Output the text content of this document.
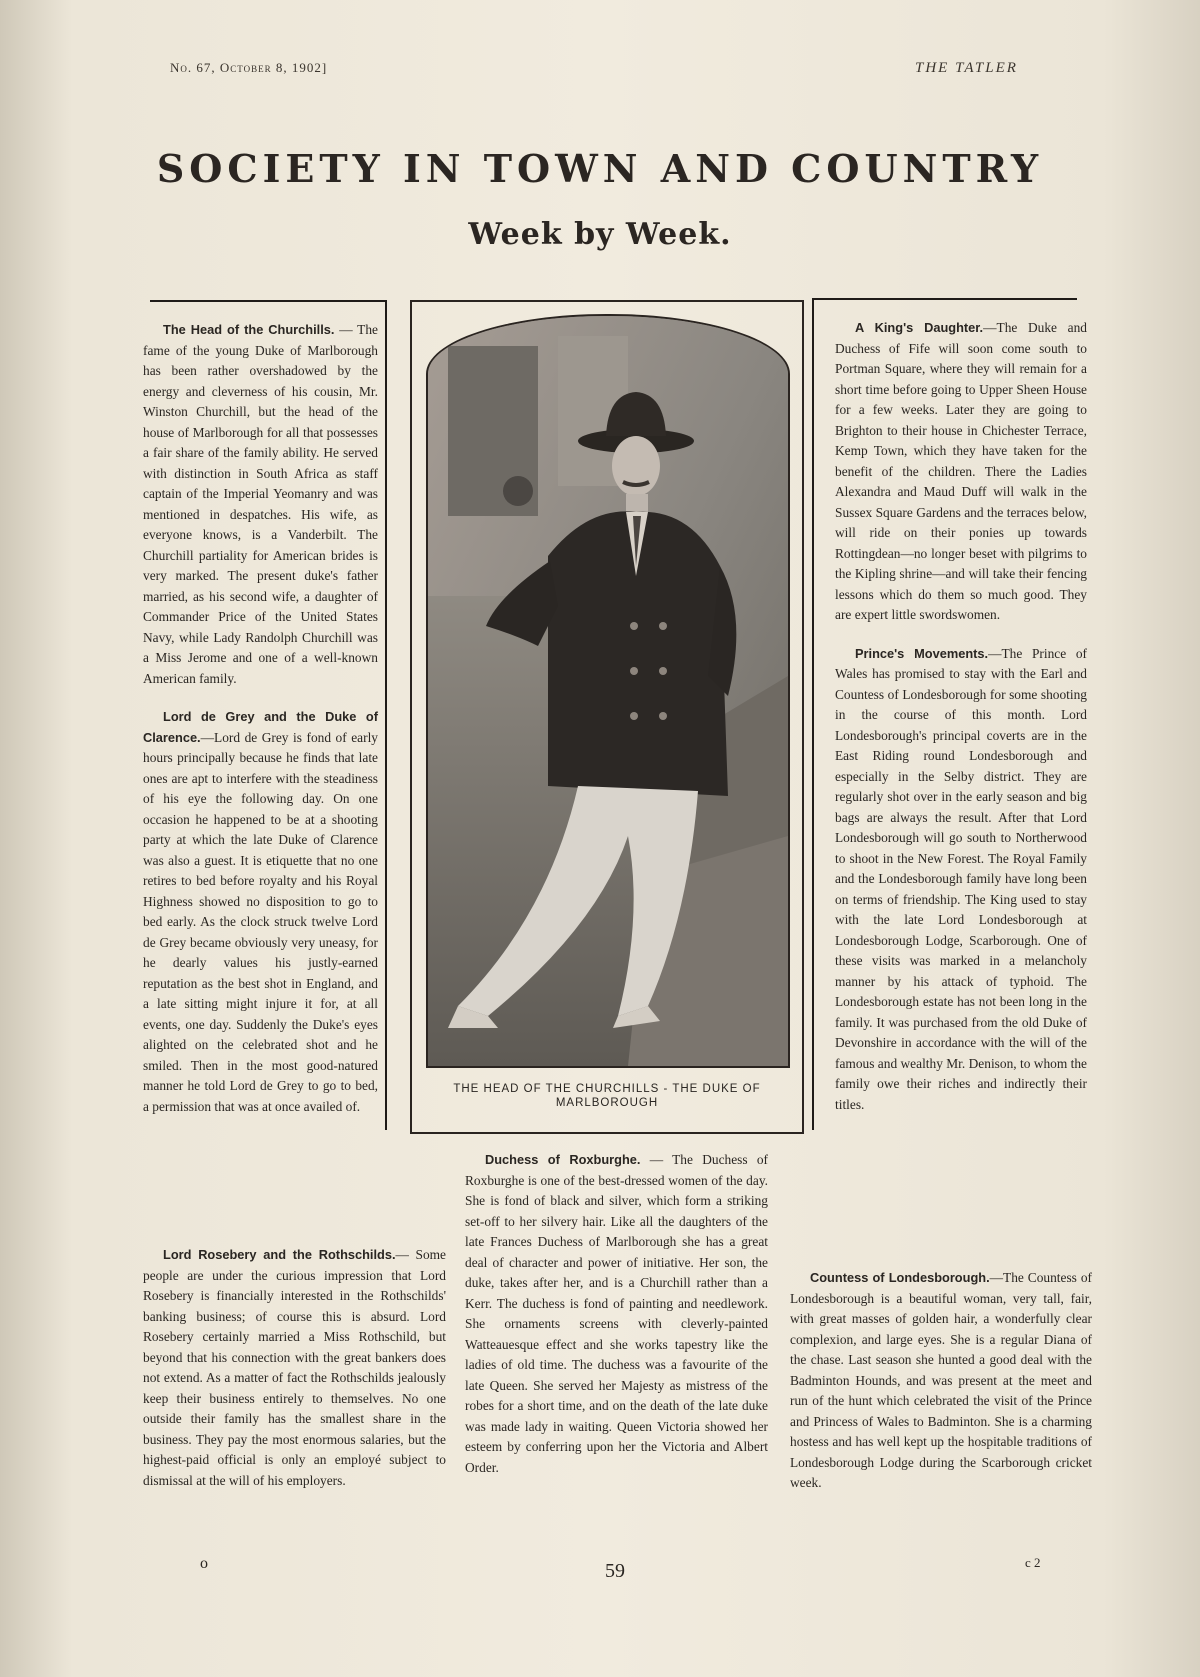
No. 67, October 8, 1902]	THE TATLER
SOCIETY IN TOWN AND COUNTRY
Week by Week.

The Head of the Churchills. — The fame of the young Duke of Marlborough has been rather overshadowed by the energy and cleverness of his cousin, Mr. Winston Churchill, but the head of the house of Marlborough for all that possesses a fair share of the family ability. He served with distinction in South Africa as staff captain of the Imperial Yeomanry and was mentioned in despatches. His wife, as everyone knows, is a Vanderbilt. The Churchill partiality for American brides is very marked. The present duke's father married, as his second wife, a daughter of Commander Price of the United States Navy, while Lady Randolph Churchill was a Miss Jerome and one of a well-known American family.

Lord de Grey and the Duke of Clarence.—Lord de Grey is fond of early hours principally because he finds that late ones are apt to interfere with the steadiness of his eye the following day. On one occasion he happened to be at a shooting party at which the late Duke of Clarence was also a guest. It is etiquette that no one retires to bed before royalty and his Royal Highness showed no disposition to go to bed early. As the clock struck twelve Lord de Grey became obviously very uneasy, for he dearly values his justly-earned reputation as the best shot in England, and a late sitting might injure it for, at all events, one day. Suddenly the Duke's eyes alighted on the celebrated shot and he smiled. Then in the most good-natured manner he told Lord de Grey to go to bed, a permission that was at once availed of.

THE HEAD OF THE CHURCHILLS - THE DUKE OF MARLBOROUGH

A King's Daughter.—The Duke and Duchess of Fife will soon come south to Portman Square, where they will remain for a short time before going to Upper Sheen House for a few weeks. Later they are going to Brighton to their house in Chichester Terrace, Kemp Town, which they have taken for the benefit of the children. There the Ladies Alexandra and Maud Duff will walk in the Sussex Square Gardens and the terraces below, will ride on their ponies up towards Rottingdean—no longer beset with pilgrims to the Kipling shrine—and will take their fencing lessons which do them so much good. They are expert little swordswomen.

Prince's Movements.—The Prince of Wales has promised to stay with the Earl and Countess of Londesborough for some shooting in the course of this month. Lord Londesborough's principal coverts are in the East Riding round Londesborough and especially in the Selby district. They are regularly shot over in the early season and big bags are always the result. After that Lord Londesborough will go south to Northerwood to shoot in the New Forest. The Royal Family and the Londesborough family have long been on terms of friendship. The King used to stay with the late Lord Londesborough at Londesborough Lodge, Scarborough. One of these visits was marked in a melancholy manner by his attack of typhoid. The Londesborough estate has not been long in the family. It was purchased from the old Duke of Devonshire in accordance with the will of the famous and wealthy Mr. Denison, to whom the family owe their riches and indirectly their titles.

Lord Rosebery and the Rothschilds.— Some people are under the curious impression that Lord Rosebery is financially interested in the Rothschilds' banking business; of course this is absurd. Lord Rosebery certainly married a Miss Rothschild, but beyond that his connection with the great bankers does not extend. As a matter of fact the Rothschilds jealously keep their business entirely to themselves. No one outside their family has the smallest share in the business. They pay the most enormous salaries, but the highest-paid official is only an employé subject to dismissal at the will of his employers.

Duchess of Roxburghe. — The Duchess of Roxburghe is one of the best-dressed women of the day. She is fond of black and silver, which form a striking set-off to her silvery hair. Like all the daughters of the late Frances Duchess of Marlborough she has a great deal of character and power of initiative. Her son, the duke, takes after her, and is a Churchill rather than a Kerr. The duchess is fond of painting and needlework. She ornaments screens with cleverly-painted Watteauesque effect and she works tapestry like the ladies of old time. The duchess was a favourite of the late Queen. She served her Majesty as mistress of the robes for a short time, and on the death of the late duke was made lady in waiting. Queen Victoria showed her esteem by conferring upon her the Victoria and Albert Order.

Countess of Londesborough.—The Countess of Londesborough is a beautiful woman, very tall, fair, with great masses of golden hair, a wonderfully clear complexion, and large eyes. She is a regular Diana of the chase. Last season she hunted a good deal with the Badminton Hounds, and was present at the meet and run of the hunt which celebrated the visit of the Prince and Princess of Wales to Badminton. She is a charming hostess and has well kept up the hospitable traditions of Londesborough Lodge during the Scarborough cricket week.

o	59	c 2
